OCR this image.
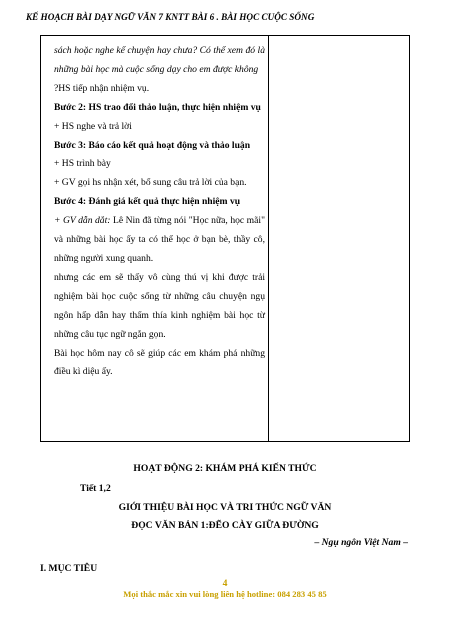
KẾ HOẠCH BÀI DẠY NGỮ VĂN 7 KNTT BÀI 6 . BÀI HỌC CUỘC SỐNG

sách hoặc nghe kể chuyện hay chưa? Có thể xem đó là những bài học mà cuộc sống dạy cho em được không

?HS tiếp nhận nhiệm vụ.

Bước 2: HS trao đổi thảo luận, thực hiện nhiệm vụ

+ HS nghe và trả lời

Bước 3: Báo cáo kết quả hoạt động và thảo luận

+ HS trình bày

+ GV gọi hs nhận xét, bổ sung câu trả lời của bạn.

Bước 4: Đánh giá kết quả thực hiện nhiệm vụ

+ GV dẫn dắt: Lê Nin đã từng nói "Học nữa, học mãi" và những bài học ấy ta có thể học ở bạn bè, thầy cô, những người xung quanh.

nhưng các em sẽ thấy vô cùng thú vị khi được trải nghiệm bài học cuộc sống từ những câu chuyện ngụ ngôn hấp dẫn hay thấm thía kinh nghiệm bài học từ những câu tục ngữ ngắn gọn.

Bài học hôm nay cô sẽ giúp các em khám phá những điều kì diệu ấy.

HOẠT ĐỘNG 2: KHÁM PHÁ KIẾN THỨC
Tiết 1,2
GIỚI THIỆU BÀI HỌC VÀ TRI THỨC NGỮ VĂN
ĐỌC VĂN BẢN 1:ĐẼO CÀY GIỮA ĐƯỜNG
– Ngụ ngôn Việt Nam –
I. MỤC TIÊU
4
Mọi thắc mắc xin vui lòng liên hệ hotline: 084 283 45 85
